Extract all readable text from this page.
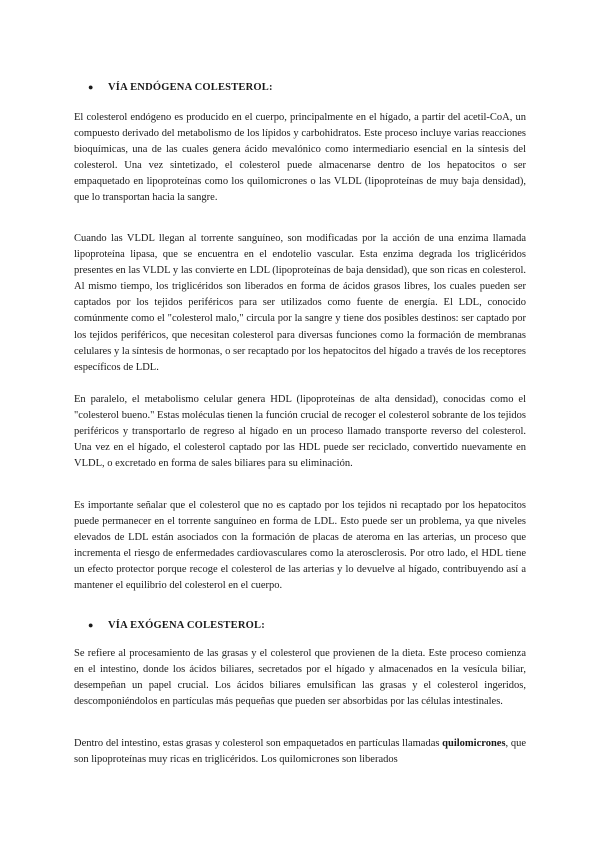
● VÍA ENDÓGENA COLESTEROL:

El colesterol endógeno es producido en el cuerpo, principalmente en el hígado, a partir del acetil-CoA, un compuesto derivado del metabolismo de los lípidos y carbohidratos. Este proceso incluye varias reacciones bioquímicas, una de las cuales genera ácido mevalónico como intermediario esencial en la síntesis del colesterol. Una vez sintetizado, el colesterol puede almacenarse dentro de los hepatocitos o ser empaquetado en lipoproteínas como los quilomicrones o las VLDL (lipoproteínas de muy baja densidad), que lo transportan hacia la sangre.

Cuando las VLDL llegan al torrente sanguíneo, son modificadas por la acción de una enzima llamada lipoproteína lipasa, que se encuentra en el endotelio vascular. Esta enzima degrada los triglicéridos presentes en las VLDL y las convierte en LDL (lipoproteínas de baja densidad), que son ricas en colesterol. Al mismo tiempo, los triglicéridos son liberados en forma de ácidos grasos libres, los cuales pueden ser captados por los tejidos periféricos para ser utilizados como fuente de energía. El LDL, conocido comúnmente como el "colesterol malo," circula por la sangre y tiene dos posibles destinos: ser captado por los tejidos periféricos, que necesitan colesterol para diversas funciones como la formación de membranas celulares y la síntesis de hormonas, o ser recaptado por los hepatocitos del hígado a través de los receptores específicos de LDL.

En paralelo, el metabolismo celular genera HDL (lipoproteínas de alta densidad), conocidas como el "colesterol bueno." Estas moléculas tienen la función crucial de recoger el colesterol sobrante de los tejidos periféricos y transportarlo de regreso al hígado en un proceso llamado transporte reverso del colesterol. Una vez en el hígado, el colesterol captado por las HDL puede ser reciclado, convertido nuevamente en VLDL, o excretado en forma de sales biliares para su eliminación.

Es importante señalar que el colesterol que no es captado por los tejidos ni recaptado por los hepatocitos puede permanecer en el torrente sanguíneo en forma de LDL. Esto puede ser un problema, ya que niveles elevados de LDL están asociados con la formación de placas de ateroma en las arterias, un proceso que incrementa el riesgo de enfermedades cardiovasculares como la aterosclerosis. Por otro lado, el HDL tiene un efecto protector porque recoge el colesterol de las arterias y lo devuelve al hígado, contribuyendo así a mantener el equilibrio del colesterol en el cuerpo.

● VÍA EXÓGENA COLESTEROL:

Se refiere al procesamiento de las grasas y el colesterol que provienen de la dieta. Este proceso comienza en el intestino, donde los ácidos biliares, secretados por el hígado y almacenados en la vesícula biliar, desempeñan un papel crucial. Los ácidos biliares emulsifican las grasas y el colesterol ingeridos, descomponiéndolos en partículas más pequeñas que pueden ser absorbidas por las células intestinales.

Dentro del intestino, estas grasas y colesterol son empaquetados en partículas llamadas quilomicrones, que son lipoproteínas muy ricas en triglicéridos. Los quilomicrones son liberados
